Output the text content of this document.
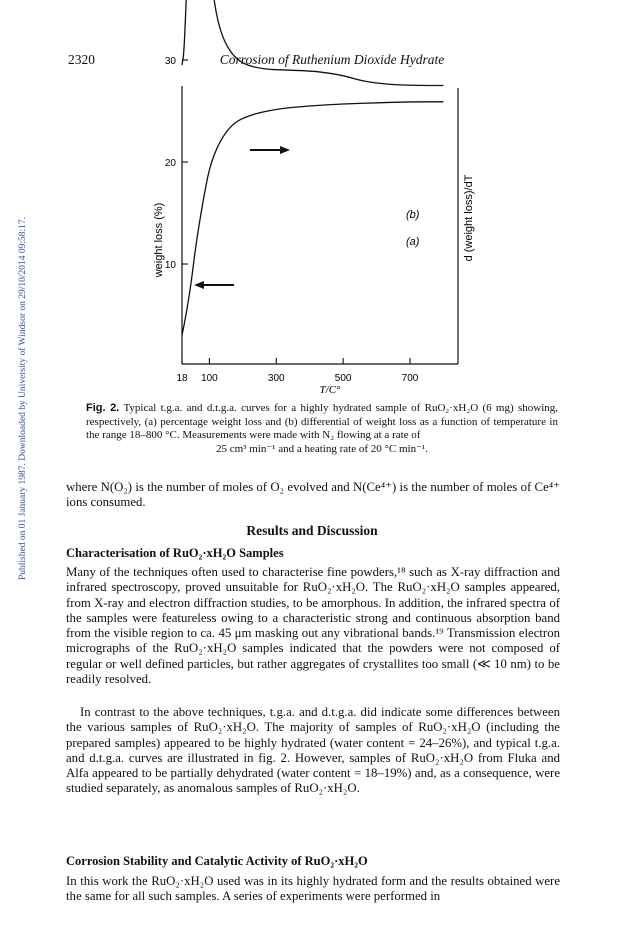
2320	Corrosion of Ruthenium Dioxide Hydrate
Published on 01 January 1987. Downloaded by University of Windsor on 29/10/2014 09:58:17.	weight loss (%)	d (weight loss)/dT
T/C°
(b)
(a)
18 100	300	500	700
10
20
30
Fig. 2. Typical t.g.a. and d.t.g.a. curves for a highly hydrated sample of RuO₂·xH₂O (6 mg) showing, respectively, (a) percentage weight loss and (b) differential of weight loss as a function of temperature in the range 18–800 °C. Measurements were made with N₂ flowing at a rate of
25 cm³ min⁻¹ and a heating rate of 20 °C min⁻¹.
where N(O₂) is the number of moles of O₂ evolved and N(Ce⁴⁺) is the number of moles of Ce⁴⁺ ions consumed.
Results and Discussion
Characterisation of RuO₂·xH₂O Samples
Many of the techniques often used to characterise fine powders,¹⁸ such as X-ray diffraction and infrared spectroscopy, proved unsuitable for RuO₂·xH₂O. The RuO₂·xH₂O samples appeared, from X-ray and electron diffraction studies, to be amorphous. In addition, the infrared spectra of the samples were featureless owing to a characteristic strong and continuous absorption band from the visible region to ca. 45 μm masking out any vibrational bands.¹⁹ Transmission electron micrographs of the RuO₂·xH₂O samples indicated that the powders were not composed of regular or well defined particles, but rather aggregates of crystallites too small (≪ 10 nm) to be readily resolved.
In contrast to the above techniques, t.g.a. and d.t.g.a. did indicate some differences between the various samples of RuO₂·xH₂O. The majority of samples of RuO₂·xH₂O (including the prepared samples) appeared to be highly hydrated (water content = 24–26%), and typical t.g.a. and d.t.g.a. curves are illustrated in fig. 2. However, samples of RuO₂·xH₂O from Fluka and Alfa appeared to be partially dehydrated (water content = 18–19%) and, as a consequence, were studied separately, as anomalous samples of RuO₂·xH₂O.
Corrosion Stability and Catalytic Activity of RuO₂·xH₂O
In this work the RuO₂·xH₂O used was in its highly hydrated form and the results obtained were the same for all such samples. A series of experiments were performed in
